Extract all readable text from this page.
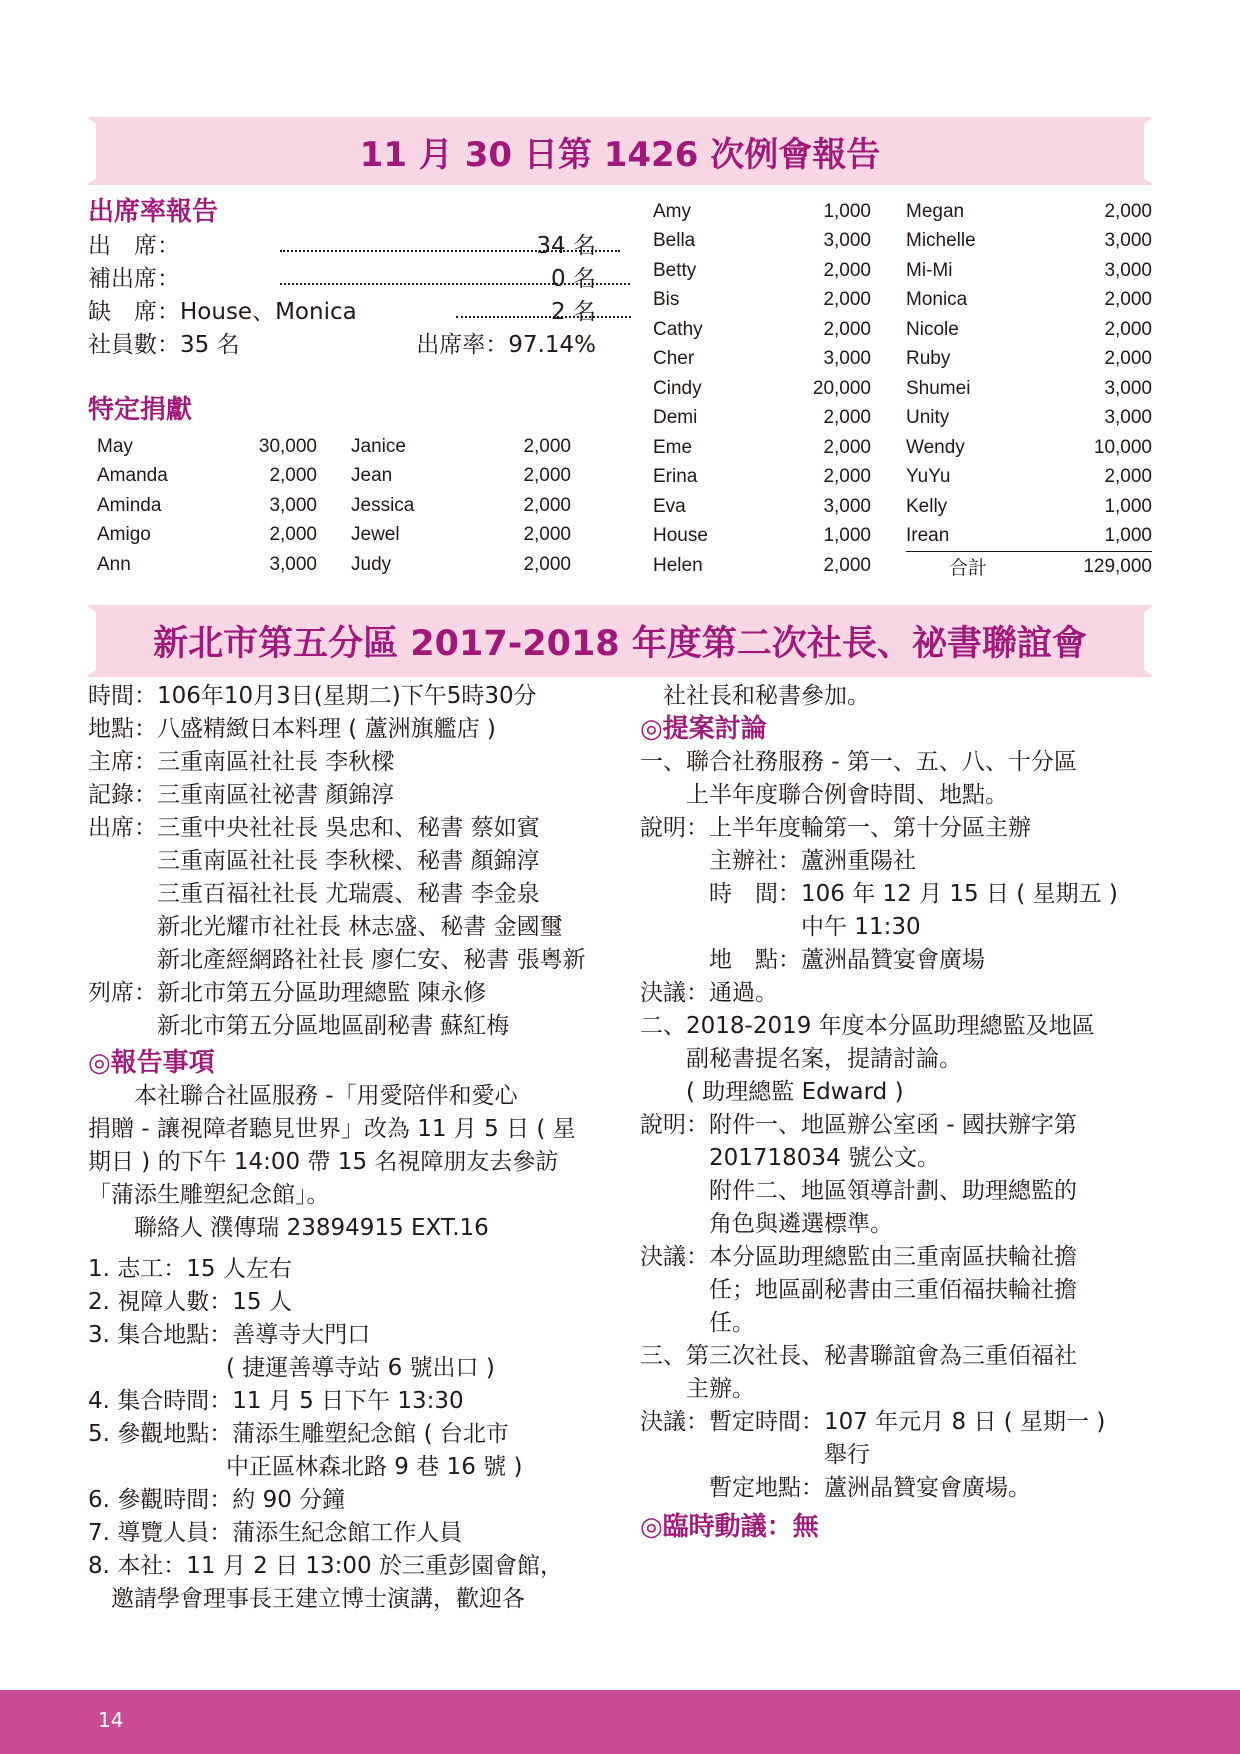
11 月 30 日第 1426 次例會報告
出席率報告
出　席：	34 名
補出席：	0 名
缺　席：House、Monica	2 名
社員數：35 名	出席率：97.14%
特定捐獻
May	30,000
Amanda	2,000
Aminda	3,000
Amigo	2,000
Ann	3,000
Janice	2,000
Jean	2,000
Jessica	2,000
Jewel	2,000
Judy	2,000
Amy	1,000
Bella	3,000
Betty	2,000
Bis	2,000
Cathy	2,000
Cher	3,000
Cindy	20,000
Demi	2,000
Eme	2,000
Erina	2,000
Eva	3,000
House	1,000
Helen	2,000
Megan	2,000
Michelle	3,000
Mi-Mi	3,000
Monica	2,000
Nicole	2,000
Ruby	2,000
Shumei	3,000
Unity	3,000
Wendy	10,000
YuYu	2,000
Kelly	1,000
Irean	1,000
合計	129,000
新北市第五分區 2017-2018 年度第二次社長、祕書聯誼會
時間：106年10月3日(星期二)下午5時30分
地點：八盛精緻日本料理 ( 蘆洲旗艦店 )
主席：三重南區社社長 李秋樑
記錄：三重南區社祕書 顏錦淳
出席：三重中央社社長 吳忠和、秘書 蔡如賓
　　　三重南區社社長 李秋樑、秘書 顏錦淳
　　　三重百福社社長 尤瑞震、秘書 李金泉
　　　新北光耀市社社長 林志盛、秘書 金國璽
　　　新北產經網路社社長 廖仁安、秘書 張粵新
列席：新北市第五分區助理總監 陳永修
　　　新北市第五分區地區副秘書 蘇紅梅
◎報告事項
　　本社聯合社區服務 -「用愛陪伴和愛心
捐贈 - 讓視障者聽見世界」改為 11 月 5 日 ( 星
期日 ) 的下午 14:00 帶 15 名視障朋友去參訪
「蒲添生雕塑紀念館」。
　　聯絡人 濮傳瑞 23894915 EXT.16
1. 志工：15 人左右
2. 視障人數：15 人
3. 集合地點：善導寺大門口
　　　　　　( 捷運善導寺站 6 號出口 )
4. 集合時間：11 月 5 日下午 13:30
5. 參觀地點：蒲添生雕塑紀念館 ( 台北市
　　　　　　中正區林森北路 9 巷 16 號 )
6. 參觀時間：約 90 分鐘
7. 導覽人員：蒲添生紀念館工作人員
8. 本社：11 月 2 日 13:00 於三重彭園會館，
　邀請學會理事長王建立博士演講，歡迎各
　社社長和秘書參加。
◎提案討論
一、聯合社務服務 - 第一、五、八、十分區
　　上半年度聯合例會時間、地點。
說明：上半年度輪第一、第十分區主辦
　　　主辦社：蘆洲重陽社
　　　時　間：106 年 12 月 15 日 ( 星期五 )
　　　　　　　中午 11:30
　　　地　點：蘆洲晶贊宴會廣場
決議：通過。
二、2018-2019 年度本分區助理總監及地區
　　副秘書提名案，提請討論。
　　( 助理總監 Edward )
說明：附件一、地區辦公室函 - 國扶辦字第
　　　201718034 號公文。
　　　附件二、地區領導計劃、助理總監的
　　　角色與遴選標準。
決議：本分區助理總監由三重南區扶輪社擔
　　　任；地區副秘書由三重佰福扶輪社擔
　　　任。
三、第三次社長、秘書聯誼會為三重佰福社
　　主辦。
決議：暫定時間：107 年元月 8 日 ( 星期一 )
　　　　　　　　舉行
　　　暫定地點：蘆洲晶贊宴會廣場。
◎臨時動議：無
14
